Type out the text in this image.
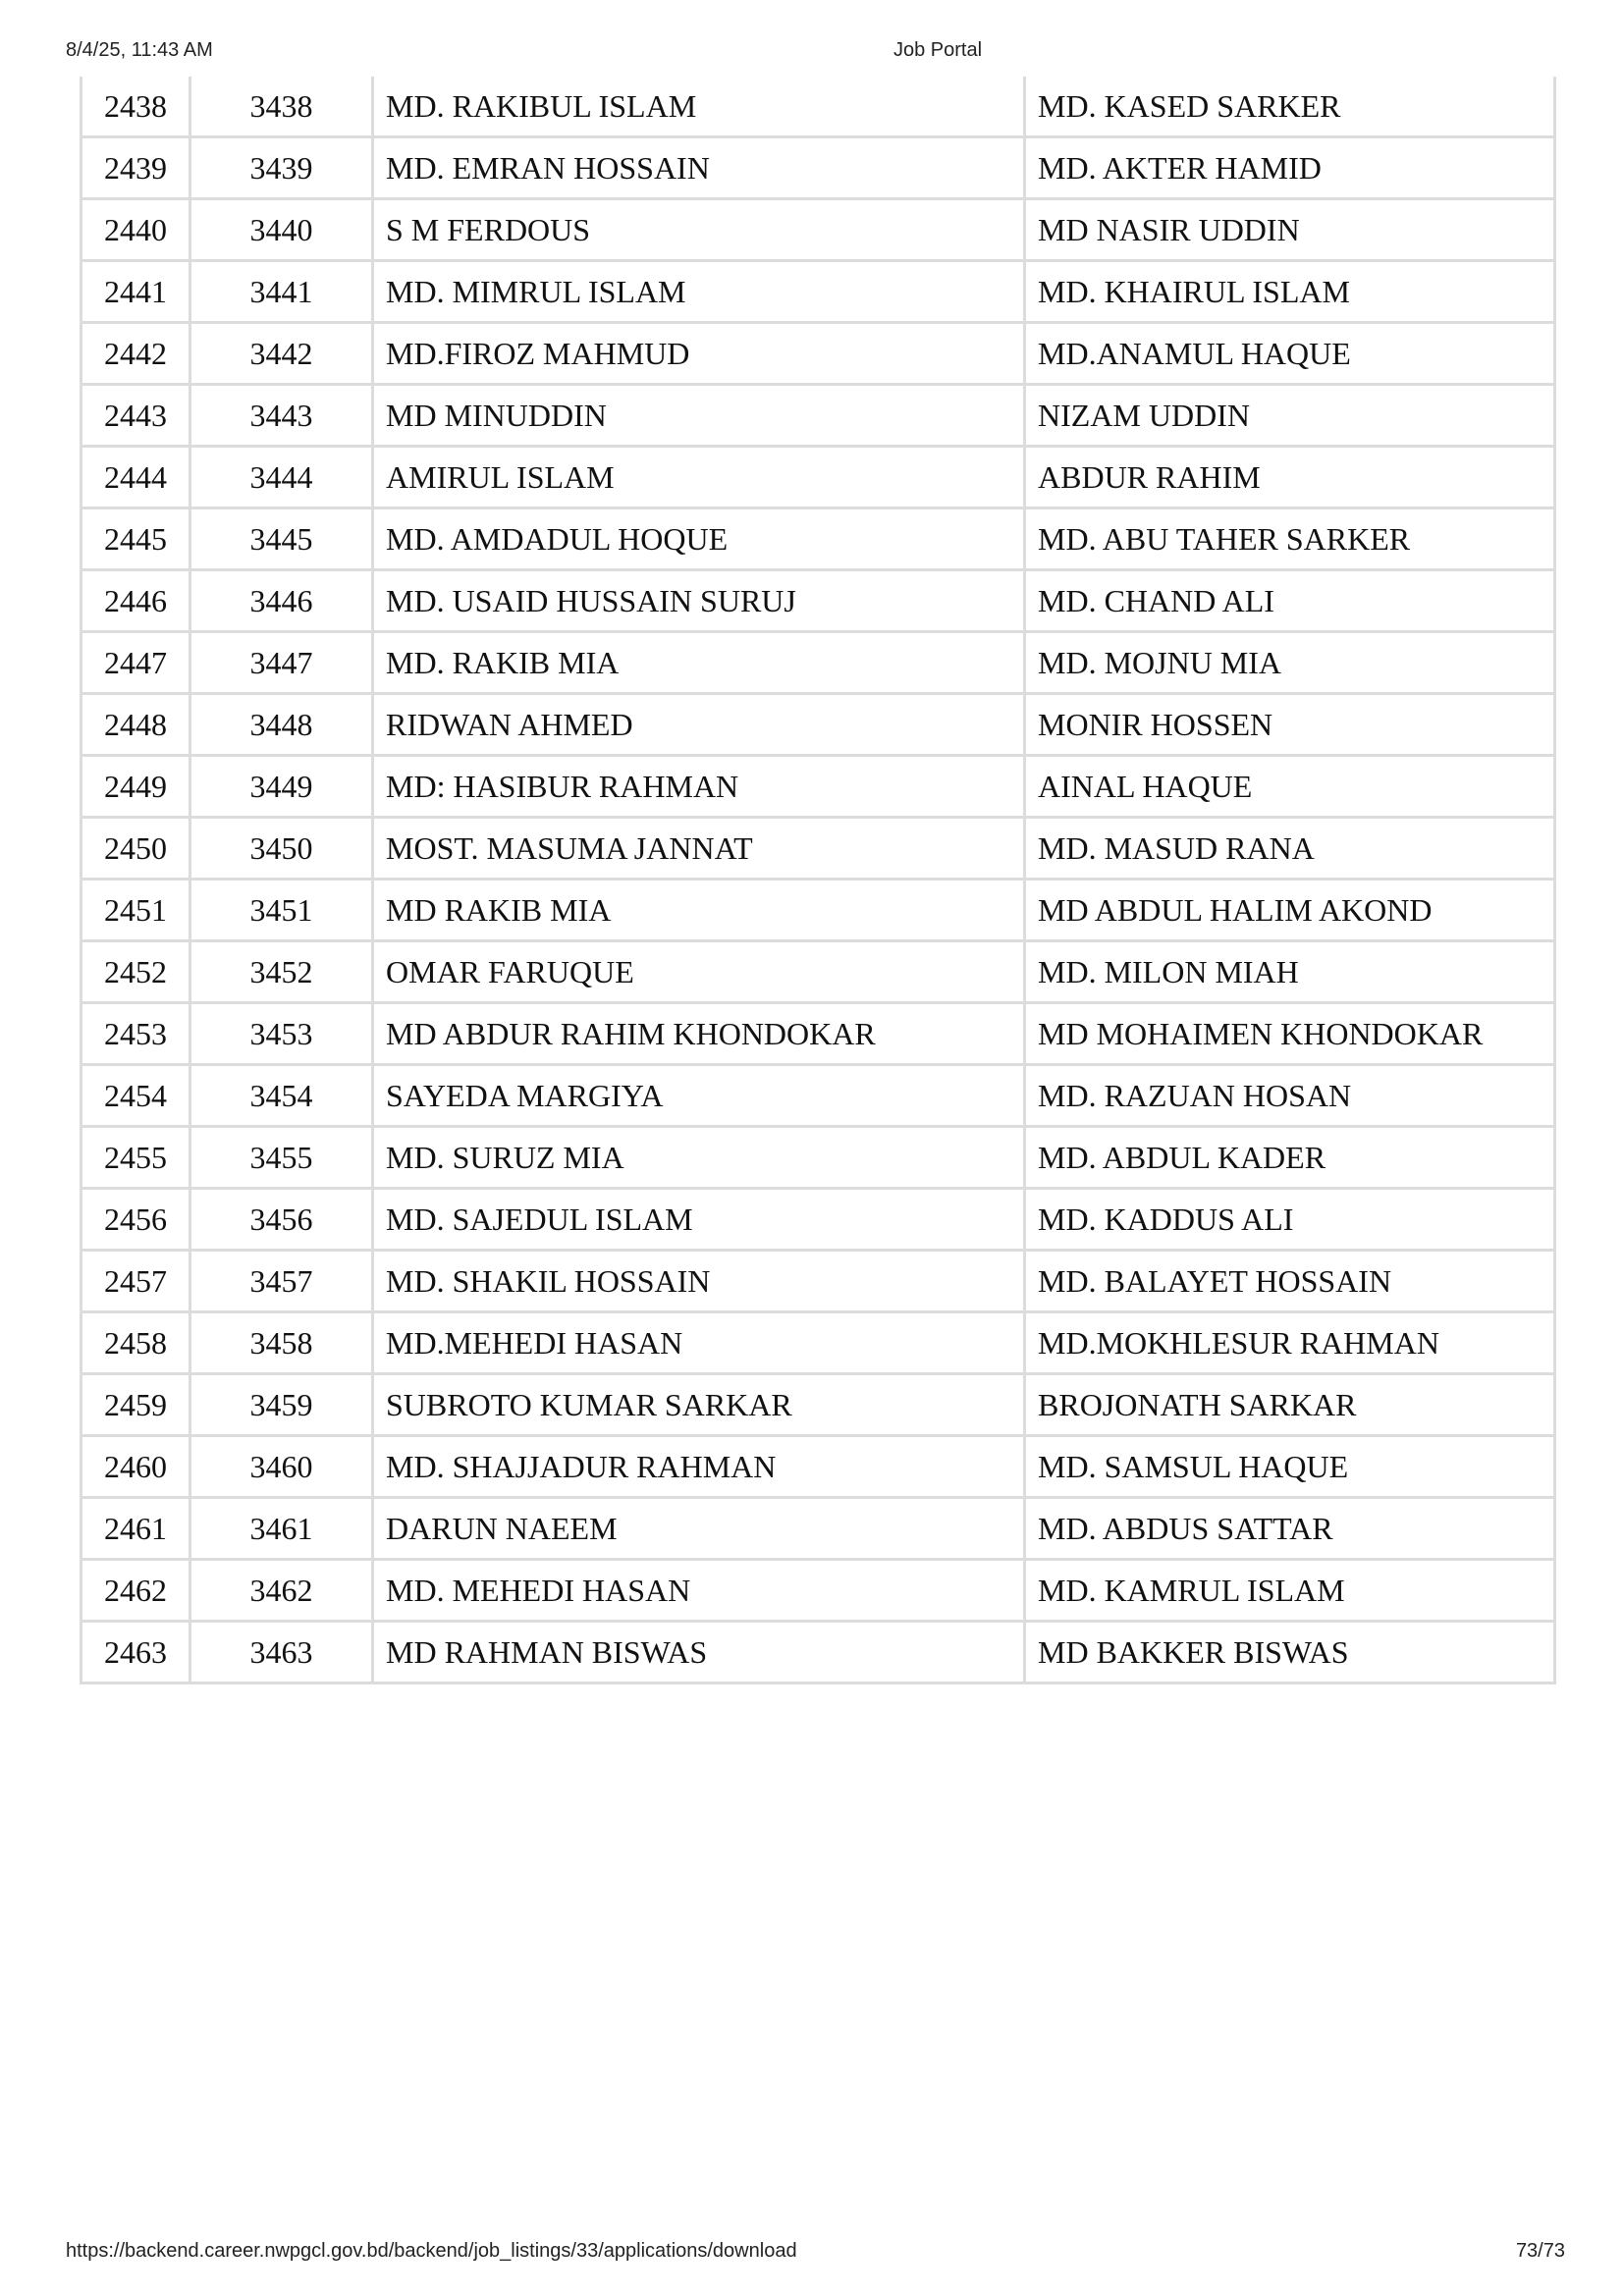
8/4/25, 11:43 AM	Job Portal
2438	3438	MD. RAKIBUL ISLAM	MD. KASED SARKER
2439	3439	MD. EMRAN HOSSAIN	MD. AKTER HAMID
2440	3440	S M FERDOUS	MD NASIR UDDIN
2441	3441	MD. MIMRUL ISLAM	MD. KHAIRUL ISLAM
2442	3442	MD.FIROZ MAHMUD	MD.ANAMUL HAQUE
2443	3443	MD MINUDDIN	NIZAM UDDIN
2444	3444	AMIRUL ISLAM	ABDUR RAHIM
2445	3445	MD. AMDADUL HOQUE	MD. ABU TAHER SARKER
2446	3446	MD. USAID HUSSAIN SURUJ	MD. CHAND ALI
2447	3447	MD. RAKIB MIA	MD. MOJNU MIA
2448	3448	RIDWAN AHMED	MONIR HOSSEN
2449	3449	MD: HASIBUR RAHMAN	AINAL HAQUE
2450	3450	MOST. MASUMA JANNAT	MD. MASUD RANA
2451	3451	MD RAKIB MIA	MD ABDUL HALIM AKOND
2452	3452	OMAR FARUQUE	MD. MILON MIAH
2453	3453	MD ABDUR RAHIM KHONDOKAR	MD MOHAIMEN KHONDOKAR
2454	3454	SAYEDA MARGIYA	MD. RAZUAN HOSAN
2455	3455	MD. SURUZ MIA	MD. ABDUL KADER
2456	3456	MD. SAJEDUL ISLAM	MD. KADDUS ALI
2457	3457	MD. SHAKIL HOSSAIN	MD. BALAYET HOSSAIN
2458	3458	MD.MEHEDI HASAN	MD.MOKHLESUR RAHMAN
2459	3459	SUBROTO KUMAR SARKAR	BROJONATH SARKAR
2460	3460	MD. SHAJJADUR RAHMAN	MD. SAMSUL HAQUE
2461	3461	DARUN NAEEM	MD. ABDUS SATTAR
2462	3462	MD. MEHEDI HASAN	MD. KAMRUL ISLAM
2463	3463	MD RAHMAN BISWAS	MD BAKKER BISWAS
https://backend.career.nwpgcl.gov.bd/backend/job_listings/33/applications/download	73/73
